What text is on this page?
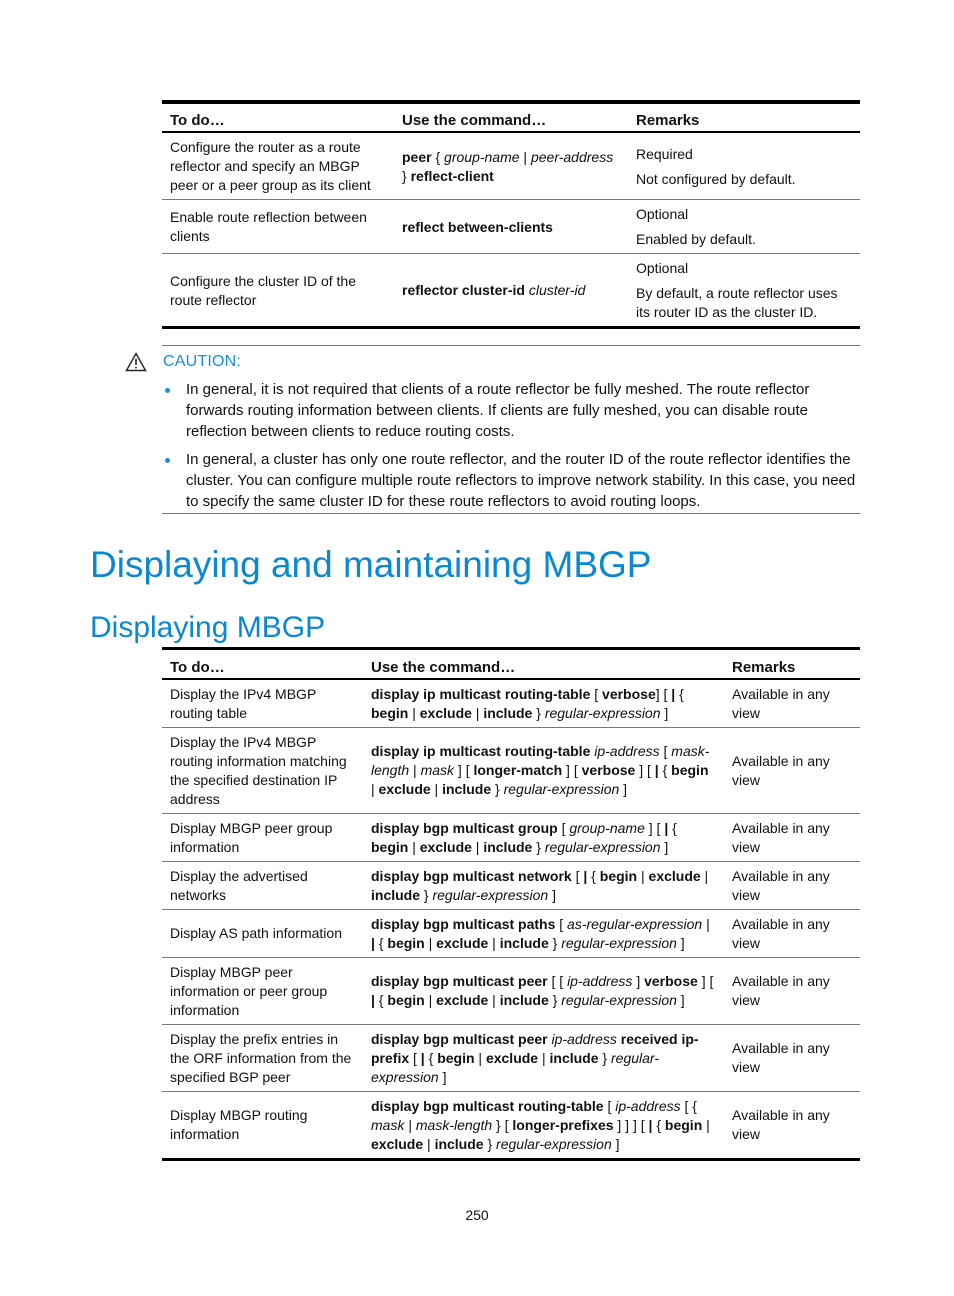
To do…	Use the command…	Remarks
Configure the router as a route reflector and specify an MBGP peer or a peer group as its client	peer { group-name | peer-address } reflect-client	Required

Not configured by default.

Enable route reflection between clients	reflect between-clients	Optional

Enabled by default.

Configure the cluster ID of the route reflector	reflector cluster-id cluster-id	Optional

By default, a route reflector uses its router ID as the cluster ID.

CAUTION:
In general, it is not required that clients of a route reflector be fully meshed. The route reflector forwards routing information between clients. If clients are fully meshed, you can disable route reflection between clients to reduce routing costs.
In general, a cluster has only one route reflector, and the router ID of the route reflector identifies the cluster. You can configure multiple route reflectors to improve network stability. In this case, you need to specify the same cluster ID for these route reflectors to avoid routing loops.
Displaying and maintaining MBGP
Displaying MBGP
To do…	Use the command…	Remarks
Display the IPv4 MBGP routing table	display ip multicast routing-table [ verbose] [ | { begin | exclude | include } regular-expression ]	Available in any view
Display the IPv4 MBGP routing information matching the specified destination IP address	display ip multicast routing-table ip-address [ mask-length | mask ] [ longer-match ] [ verbose ] [ | { begin | exclude | include } regular-expression ]	Available in any view
Display MBGP peer group information	display bgp multicast group [ group-name ] [ | { begin | exclude | include } regular-expression ]	Available in any view
Display the advertised networks	display bgp multicast network [ | { begin | exclude | include } regular-expression ]	Available in any view
Display AS path information	display bgp multicast paths [ as-regular-expression | | { begin | exclude | include } regular-expression ]	Available in any view
Display MBGP peer information or peer group information	display bgp multicast peer [ [ ip-address ] verbose ] [ | { begin | exclude | include } regular-expression ]	Available in any view
Display the prefix entries in the ORF information from the specified BGP peer	display bgp multicast peer ip-address received ip-prefix [ | { begin | exclude | include } regular-expression ]	Available in any view
Display MBGP routing information	display bgp multicast routing-table [ ip-address [ { mask | mask-length } [ longer-prefixes ] ] ] [ | { begin | exclude | include } regular-expression ]	Available in any view
250
